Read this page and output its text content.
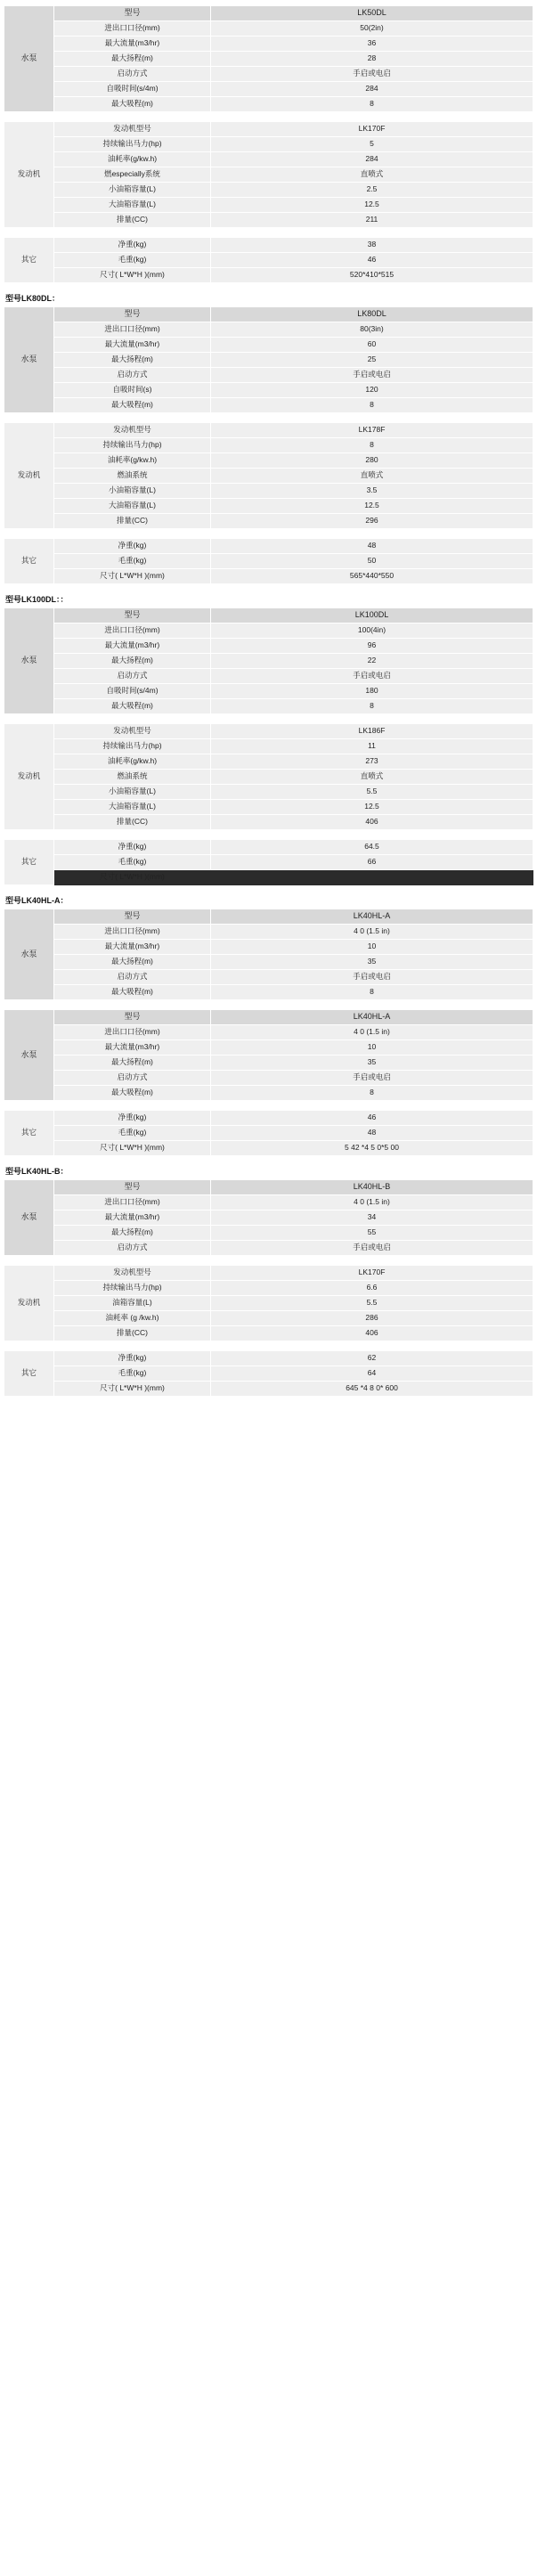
水泵	型号	LK50DL
	进出口口径(mm)	50(2in)
	最大流量(m3/hr)	36
	最大扬程(m)	28
	启动方式	手启或电启
	自吸时间(s/4m)	284
	最大吸程(m)	8
发动机	发动机型号	LK170F
	持续输出马力(hp)	5
	油耗率(g/kw.h)	284
	燃especially系统	直喷式
	小油箱容量(L)	2.5
	大油箱容量(L)	12.5
	排量(CC)	211
其它	净重(kg)	38
	毛重(kg)	46
	尺寸( L*W*H )(mm)	520*410*515
型号LK80DL：
水泵	型号	LK80DL
	进出口口径(mm)	80(3in)
	最大流量(m3/hr)	60
	最大扬程(m)	25
	启动方式	手启或电启
	自吸时间(s)	120
	最大吸程(m)	8
发动机	发动机型号	LK178F
	持续输出马力(hp)	8
	油耗率(g/kw.h)	280
	燃油系统	直喷式
	小油箱容量(L)	3.5
	大油箱容量(L)	12.5
	排量(CC)	296
其它	净重(kg)	48
	毛重(kg)	50
	尺寸( L*W*H )(mm)	565*440*550
型号LK100DL：：
水泵	型号	LK100DL
	进出口口径(mm)	100(4in)
	最大流量(m3/hr)	96
	最大扬程(m)	22
	启动方式	手启或电启
	自吸时间(s/4m)	180
	最大吸程(m)	8
发动机	发动机型号	LK186F
	持续输出马力(hp)	11
	油耗率(g/kw.h)	273
	燃油系统	直喷式
	小油箱容量(L)	5.5
	大油箱容量(L)	12.5
	排量(CC)	406
其它	净重(kg)	64.5
	毛重(kg)	66
	尺寸( L*W*H )(mm)	
型号LK40HL-A：
水泵	型号	LK40HL-A
	进出口口径(mm)	4 0 (1.5 in)
	最大流量(m3/hr)	10
	最大扬程(m)	35
	启动方式	手启或电启
	最大吸程(m)	8
水泵	型号	LK40HL-A
	进出口口径(mm)	4 0 (1.5 in)
	最大流量(m3/hr)	10
	最大扬程(m)	35
	启动方式	手启或电启
	最大吸程(m)	8
其它	净重(kg)	46
	毛重(kg)	48
	尺寸( L*W*H )(mm)	5 42 *4 5 0*5 00
型号LK40HL-B：
水泵	型号	LK40HL-B
	进出口口径(mm)	4 0 (1.5 in)
	最大流量(m3/hr)	34
	最大扬程(m)	55
	启动方式	手启或电启
发动机	发动机型号	LK170F
	持续输出马力(hp)	6.6
	油箱容量(L)	5.5
	油耗率 (g /kw.h)	286
	排量(CC)	406
其它	净重(kg)	62
	毛重(kg)	64
	尺寸( L*W*H )(mm)	645 *4 8 0* 600
